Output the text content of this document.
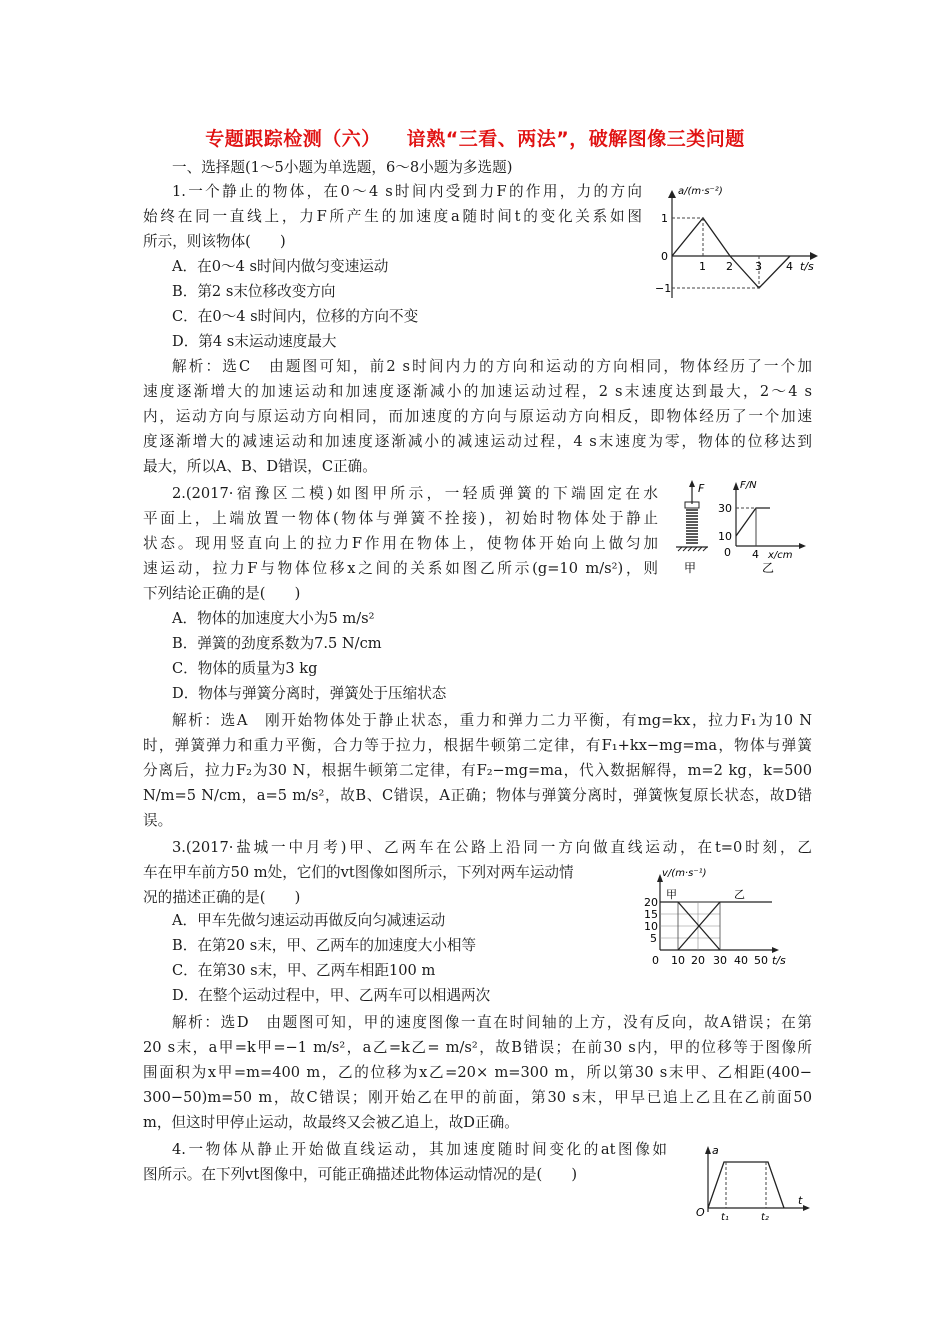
专题跟踪检测（六） 谙熟“三看、两法”，破解图像三类问题
一、选择题(1～5小题为单选题，6～8小题为多选题)
1.一个静止的物体，在0～4 s时间内受到力F的作用，力的方向
始终在同一直线上，力F所产生的加速度a随时间t的变化关系如图
所示，则该物体(　　)
A．在0～4 s时间内做匀变速运动
B．第2 s末位移改变方向
C．在0～4 s时间内，位移的方向不变
D．第4 s末运动速度最大
解析：选C　由题图可知，前2 s时间内力的方向和运动的方向相同，物体经历了一个加
速度逐渐增大的加速运动和加速度逐渐减小的加速运动过程，2 s末速度达到最大，2～4 s
内，运动方向与原运动方向相同，而加速度的方向与原运动方向相反，即物体经历了一个加速
度逐渐增大的减速运动和加速度逐渐减小的减速运动过程，4 s末速度为零，物体的位移达到
最大，所以A、B、D错误，C正确。
a/(m·s⁻²)
1
0
−1
1 2 3 4 t/s
2.(2017·宿豫区二模)如图甲所示，一轻质弹簧的下端固定在水
平面上，上端放置一物体(物体与弹簧不拴接)，初始时物体处于静止
状态。现用竖直向上的拉力F作用在物体上，使物体开始向上做匀加
速运动，拉力F与物体位移x之间的关系如图乙所示(g=10 m/s²)，则
下列结论正确的是(　　)
A．物体的加速度大小为5 m/s²
B．弹簧的劲度系数为7.5 N/cm
C．物体的质量为3 kg
D．物体与弹簧分离时，弹簧处于压缩状态
解析：选A　刚开始物体处于静止状态，重力和弹力二力平衡，有mg=kx，拉力F₁为10 N
时，弹簧弹力和重力平衡，合力等于拉力，根据牛顿第二定律，有F₁+kx−mg=ma，物体与弹簧
分离后，拉力F₂为30 N，根据牛顿第二定律，有F₂−mg=ma，代入数据解得，m=2 kg，k=500
N/m=5 N/cm，a=5 m/s²，故B、C错误，A正确；物体与弹簧分离时，弹簧恢复原长状态，故D错
误。
F
甲
F/N
30
10
0 4 x/cm
乙
3.(2017·盐城一中月考)甲、乙两车在公路上沿同一方向做直线运动，在t=0时刻，乙
车在甲车前方50 m处，它们的vt图像如图所示，下列对两车运动情
况的描述正确的是(　　)
A．甲车先做匀速运动再做反向匀减速运动
B．在第20 s末，甲、乙两车的加速度大小相等
C．在第30 s末，甲、乙两车相距100 m
D．在整个运动过程中，甲、乙两车可以相遇两次
解析：选D　由题图可知，甲的速度图像一直在时间轴的上方，没有反向，故A错误；在第
20 s末，a甲=k甲=−1 m/s²，a乙=k乙= m/s²，故B错误；在前30 s内，甲的位移等于图像所
围面积为x甲=m=400 m，乙的位移为x乙=20× m=300 m，所以第30 s末甲、乙相距(400−
300−50)m=50 m，故C错误；刚开始乙在甲的前面，第30 s末，甲早已追上乙且在乙前面50
m，但这时甲停止运动，故最终又会被乙追上，故D正确。
v/(m·s⁻¹)
甲	乙
20
15
10
5
0 10 20 30 40 50 t/s
4.一物体从静止开始做直线运动，其加速度随时间变化的at图像如
图所示。在下列vt图像中，可能正确描述此物体运动情况的是(　　)
a
O t₁	t₂
t
